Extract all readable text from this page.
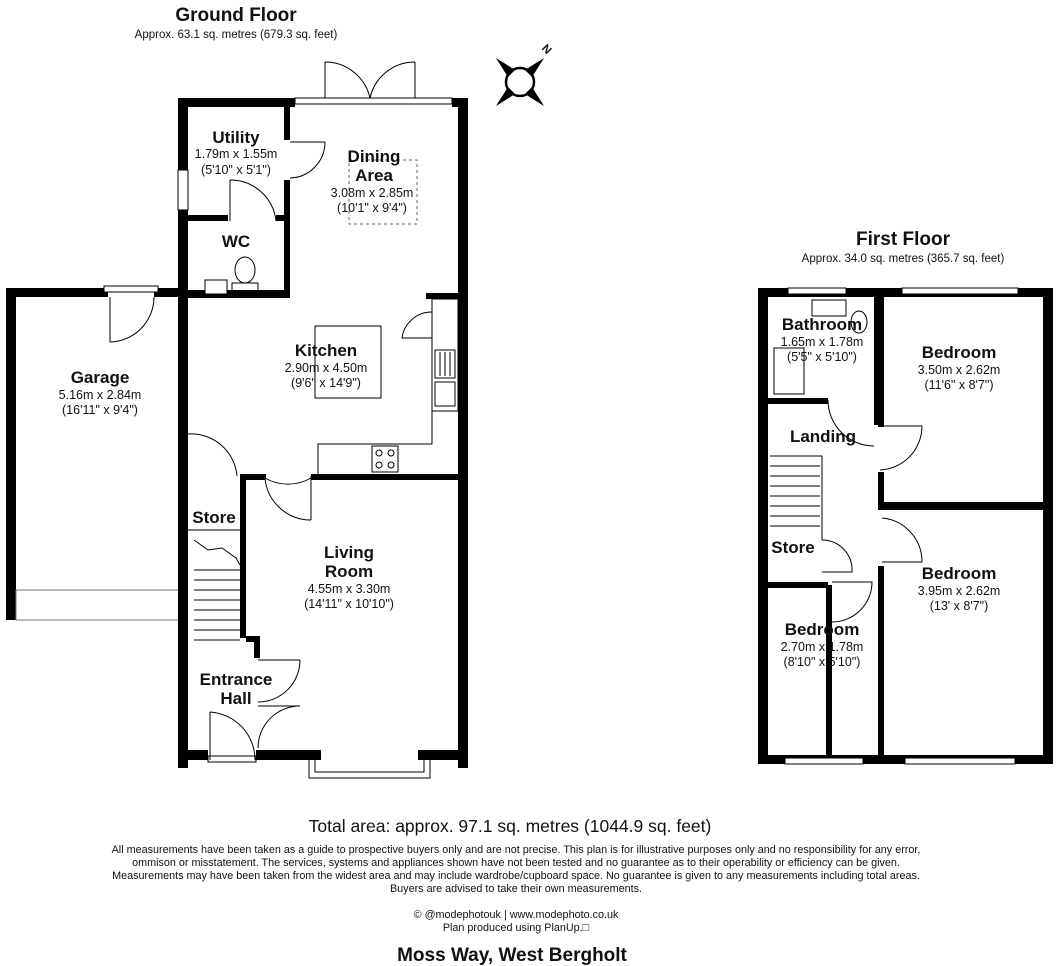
N
Ground Floor
Approx. 63.1 sq. metres (679.3 sq. feet)
First Floor
Approx. 34.0 sq. metres (365.7 sq. feet)
Utility
1.79m x 1.55m
(5'10" x 5'1")
Dining
Area
3.08m x 2.85m
(10'1" x 9'4")
WC
Kitchen
2.90m x 4.50m
(9'6" x 14'9")
Garage
5.16m x 2.84m
(16'11" x 9'4")
Store
Living
Room
4.55m x 3.30m
(14'11" x 10'10")
Entrance
Hall
Bathroom
1.65m x 1.78m
(5'5" x 5'10")	Bedroom
3.50m x 2.62m
(11'6" x 8'7")
Landing
Store
Bedroom
3.95m x 2.62m
(13' x 8'7")
Bedroom
2.70m x 1.78m
(8'10" x 5'10")
Total area: approx. 97.1 sq. metres (1044.9 sq. feet)
All measurements have been taken as a guide to prospective buyers only and are not precise. This plan is for illustrative purposes only and no responsibility for any error,
ommison or misstatement. The services, systems and appliances shown have not been tested and no guarantee as to their operability or efficiency can be given.
Measurements may have been taken from the widest area and may include wardrobe/cupboard space. No guarantee is given to any measurements including total areas.
Buyers are advised to take their own measurements.
© @modephotouk | www.modephoto.co.uk
Plan produced using PlanUp.□
Moss Way, West Bergholt
